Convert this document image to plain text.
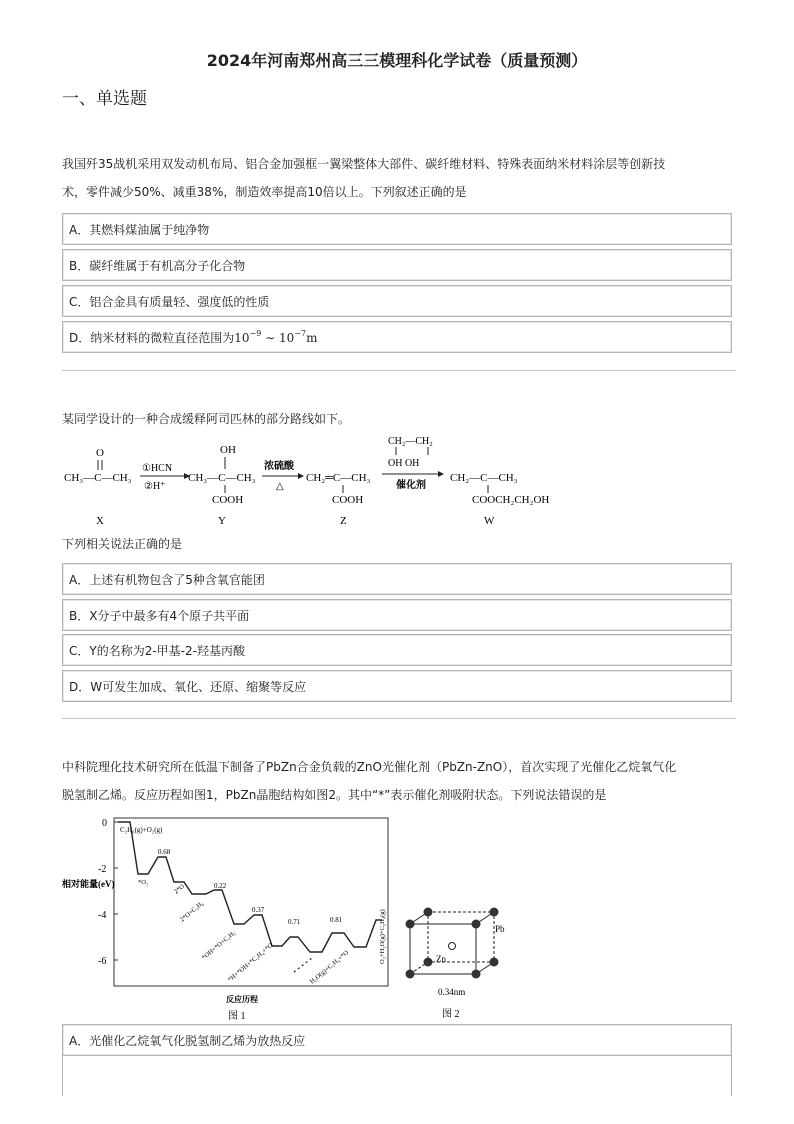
2024年河南郑州高三三模理科化学试卷（质量预测）
一、单选题
我国歼35战机采用双发动机布局、铝合金加强框一翼梁整体大部件、碳纤维材料、特殊表面纳米材料涂层等创新技
术，零件减少50%、减重38%，制造效率提高10倍以上。下列叙述正确的是
A．其燃料煤油属于纯净物
B．碳纤维属于有机高分子化合物
C．铝合金具有质量轻、强度低的性质
D．纳米材料的微粒直径范围为$10^{-9}$ ∼ $10^{-7}m$
某同学设计的一种合成缓释阿司匹林的部分路线如下。
O
CH₃—C—CH₃
X
①HCN
②H⁺
OH
CH₃—C—CH₃
COOH
Y
浓硫酸
△
CH₂═C—CH₃
COOH
Z
CH₂—CH₂
OH OH
催化剂
CH₂—C—CH₃
COOCH₂CH₂OH
W
下列相关说法正确的是
A．上述有机物包含了5种含氧官能团
B．X分子中最多有4个原子共平面
C．Y的名称为2-甲基-2-羟基丙酸
D．W可发生加成、氧化、还原、缩聚等反应
中科院理化技术研究所在低温下制备了PbZn合金负载的ZnO光催化剂（PbZn-ZnO），首次实现了光催化乙烷氧气化
脱氢制乙烯。反应历程如图1，PbZn晶胞结构如图2。其中“*”表示催化剂吸附状态。下列说法错误的是
相对能量(eV)
0
-2
-4
-6
C₂H₆(g)+O₂(g)
0.68
0.22
0.37
0.71	0.81
*O₂
2*O
2*O+C₂H₆
*OH+*O+C₂H₅
*H+*OH+*C₂H₄+*O	H₂O(g)+C₂H₄+*O
O₂+H₂O(g)+C₂H₄(g)
反应历程
图 1
Pb
Zn
0.34nm
图 2
A．光催化乙烷氧气化脱氢制乙烯为放热反应
